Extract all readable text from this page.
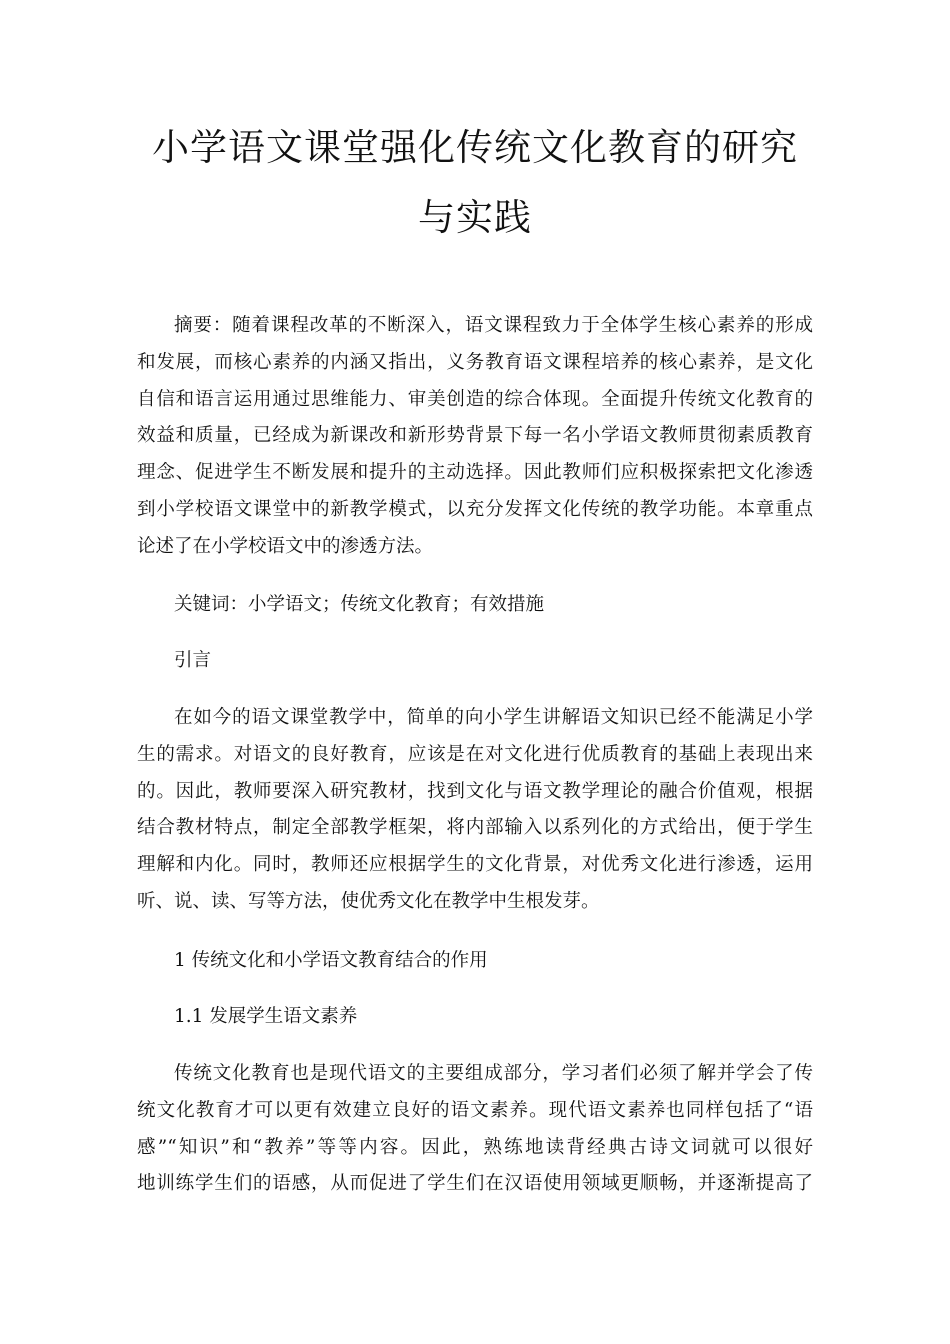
小学语文课堂强化传统文化教育的研究
与实践
摘要：随着课程改革的不断深入，语文课程致力于全体学生核心素养的形成
和发展，而核心素养的内涵又指出，义务教育语文课程培养的核心素养，是文化
自信和语言运用通过思维能力、审美创造的综合体现。全面提升传统文化教育的
效益和质量，已经成为新课改和新形势背景下每一名小学语文教师贯彻素质教育
理念、促进学生不断发展和提升的主动选择。因此教师们应积极探索把文化渗透
到小学校语文课堂中的新教学模式，以充分发挥文化传统的教学功能。本章重点
论述了在小学校语文中的渗透方法。

关键词：小学语文；传统文化教育；有效措施

引言

在如今的语文课堂教学中，简单的向小学生讲解语文知识已经不能满足小学
生的需求。对语文的良好教育，应该是在对文化进行优质教育的基础上表现出来
的。因此，教师要深入研究教材，找到文化与语文教学理论的融合价值观，根据
结合教材特点，制定全部教学框架，将内部输入以系列化的方式给出，便于学生
理解和内化。同时，教师还应根据学生的文化背景，对优秀文化进行渗透，运用
听、说、读、写等方法，使优秀文化在教学中生根发芽。

1 传统文化和小学语文教育结合的作用

1.1 发展学生语文素养

传统文化教育也是现代语文的主要组成部分，学习者们必须了解并学会了传
统文化教育才可以更有效建立良好的语文素养。现代语文素养也同样包括了“语
感”“知识”和“教养”等等内容。因此，熟练地读背经典古诗文词就可以很好
地训练学生们的语感，从而促进了学生们在汉语使用领域更顺畅，并逐渐提高了
